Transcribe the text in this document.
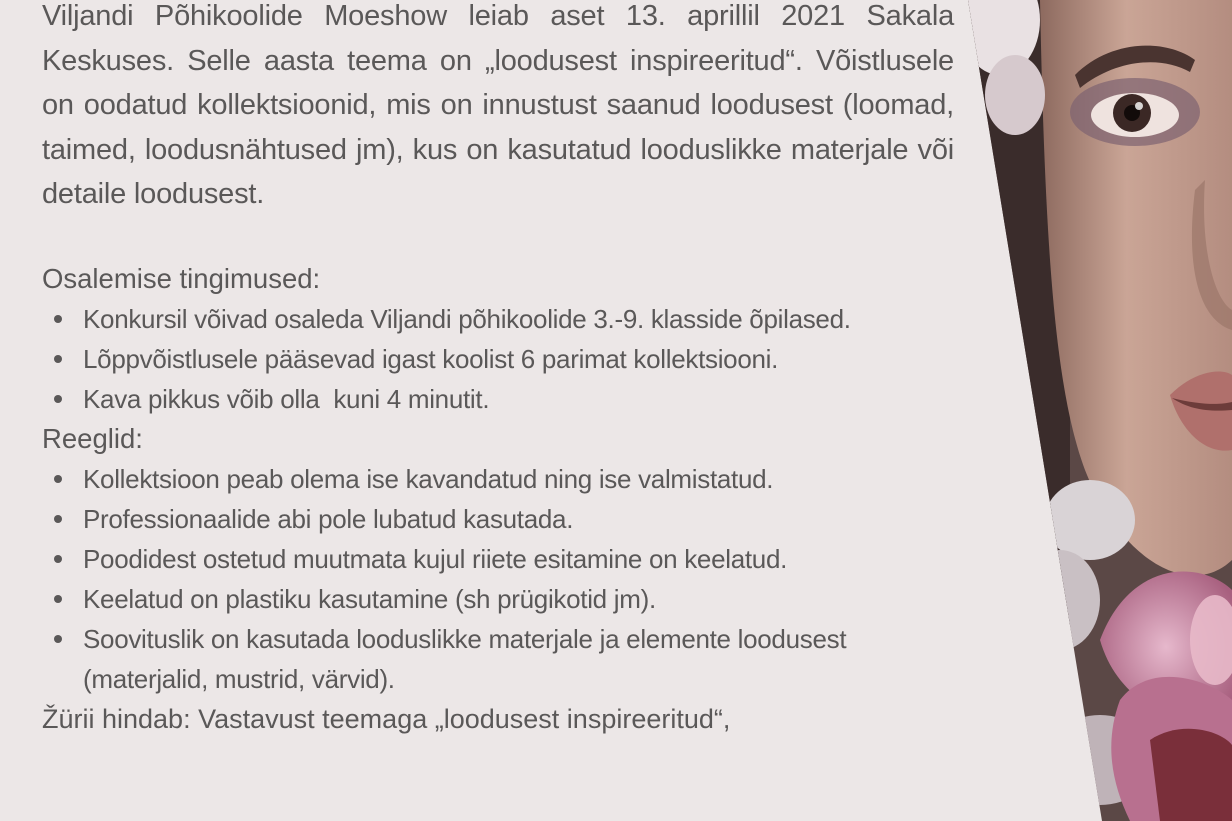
Viljandi Põhikoolide Moeshow leiab aset 13. aprillil 2021 Sakala Keskuses. Selle aasta teema on „loodusest inspireeritud“. Võistlusele on oodatud kollektsioonid, mis on innustust saanud loodusest (loomad, taimed, loodusnähtused jm), kus on kasutatud looduslikke materjale või detaile loodusest.

Osalemise tingimused:

Konkursil võivad osaleda Viljandi põhikoolide 3.-9. klasside õpilased.
Lõppvõistlusele pääsevad igast koolist 6 parimat kollektsiooni.
Kava pikkus võib olla  kuni 4 minutit.

Reeglid:

Kollektsioon peab olema ise kavandatud ning ise valmistatud.
Professionaalide abi pole lubatud kasutada.
Poodidest ostetud muutmata kujul riiete esitamine on keelatud.
Keelatud on plastiku kasutamine (sh prügikotid jm).
Soovituslik on kasutada looduslikke materjale ja elemente loodusest (materjalid, mustrid, värvid).

Žürii hindab: Vastavust teemaga „loodusest inspireeritud“,
